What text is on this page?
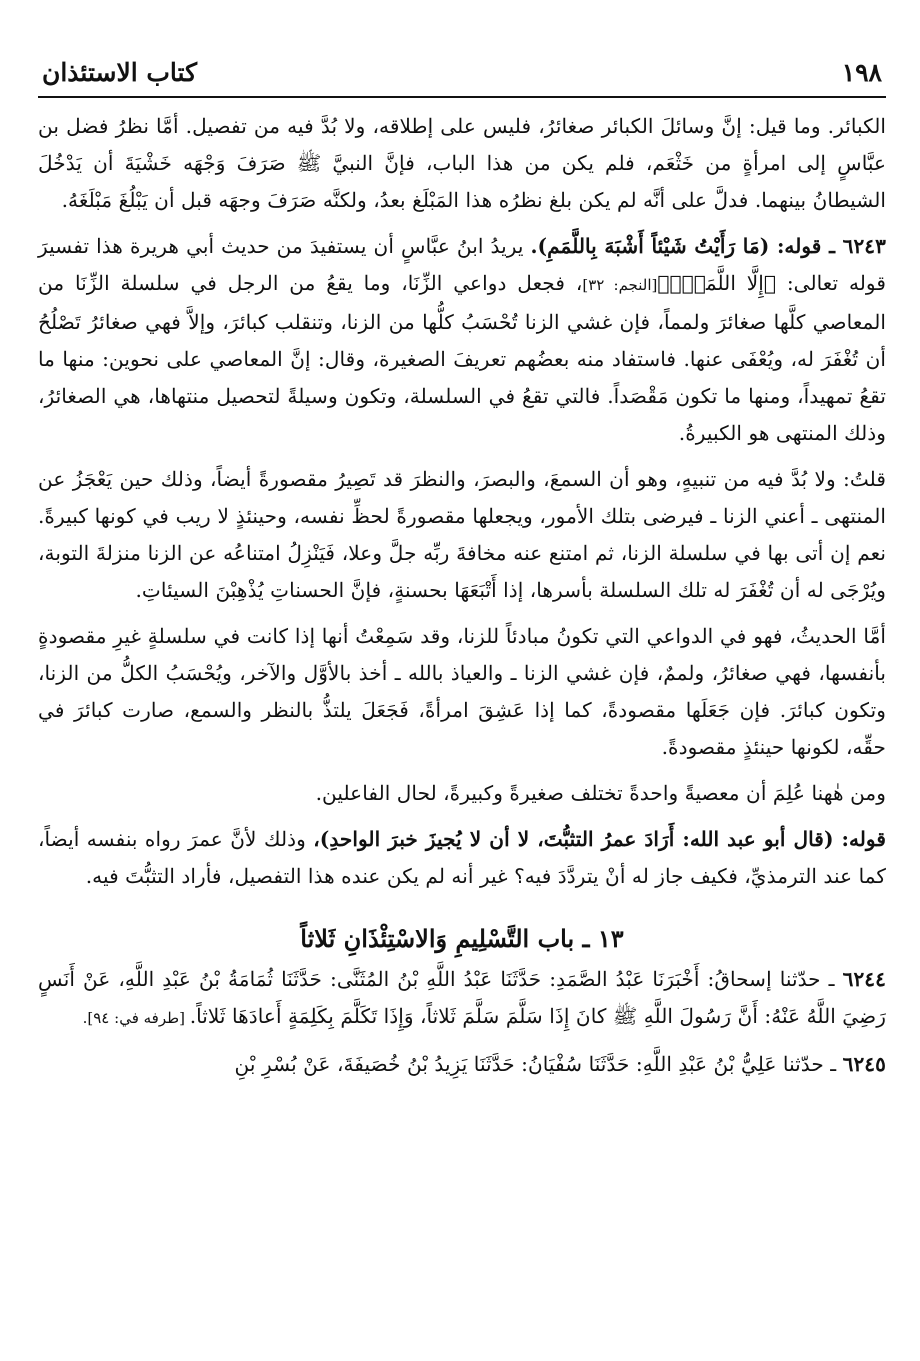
١٩٨
كتاب الاستئذان

الكبائر. وما قيل: إنَّ وسائلَ الكبائر صغائرُ، فليس على إطلاقه، ولا بُدَّ فيه من تفصيل. أمَّا نظرُ فضل بن عبَّاسٍ إلى امرأةٍ من خَثْعَم، فلم يكن من هذا الباب، فإنَّ النبيَّ ﷺ صَرَفَ وَجْهَه خَشْيَةَ أن يَدْخُلَ الشيطانُ بينهما. فدلَّ على أنَّه لم يكن بلغ نظرُه هذا المَبْلَغ بعدُ، ولكنَّه صَرَفَ وجهَه قبل أن يَبْلُغَ مَبْلَغَهُ.

٦٢٤٣ ـ قوله: (مَا رَأَيْتُ شَيْئاً أَشْبَهَ بِاللَّمَمِ). يريدُ ابنُ عبَّاسٍ أن يستفيدَ من حديث أبي هريرة هذا تفسيرَ قوله تعالى: ﴿إِلَّا اللَّمَمَۚ﴾[النجم: ٣٢]، فجعل دواعي الزِّنَا، وما يقعُ من الرجل في سلسلة الزِّنَا من المعاصي كلَّها صغائرَ ولمماً، فإن غشي الزنا تُحْسَبُ كلُّها من الزنا، وتنقلب كبائرَ، وإلاَّ فهي صغائرُ تَصْلُحُ أن تُغْفَرَ له، ويُعْفَى عنها. فاستفاد منه بعضُهم تعريفَ الصغيرة، وقال: إنَّ المعاصي على نحوين: منها ما تقعُ تمهيداً، ومنها ما تكون مَقْصَداً. فالتي تقعُ في السلسلة، وتكون وسيلةً لتحصيل منتهاها، هي الصغائرُ، وذلك المنتهى هو الكبيرةُ.

قلتُ: ولا بُدَّ فيه من تنبيهٍ، وهو أن السمعَ، والبصرَ، والنظرَ قد تَصِيرُ مقصورةً أيضاً، وذلك حين يَعْجَزُ عن المنتهى ـ أعني الزنا ـ فيرضى بتلك الأمور، ويجعلها مقصورةً لحظِّ نفسه، وحينئذٍ لا ريب في كونها كبيرةً. نعم إن أتى بها في سلسلة الزنا، ثم امتنع عنه مخافةَ ربِّه جلَّ وعلا، فَيَنْزِلُ امتناعُه عن الزنا منزلةَ التوبة، ويُرْجَى له أن تُغْفَرَ له تلك السلسلة بأسرها، إذا أَتْبَعَهَا بحسنةٍ، فإنَّ الحسناتِ يُذْهِبْنَ السيئاتِ.

أمَّا الحديثُ، فهو في الدواعي التي تكونُ مبادئاً للزنا، وقد سَمِعْتُ أنها إذا كانت في سلسلةٍ غيرِ مقصودةٍ بأنفسها، فهي صغائرُ، ولممٌ، فإن غشي الزنا ـ والعياذ بالله ـ أخذ بالأوَّل والآخر، ويُحْسَبُ الكلُّ من الزنا، وتكون كبائرَ. فإن جَعَلَها مقصودةً، كما إذا عَشِقَ امرأةً، فَجَعَلَ يلتذُّ بالنظر والسمع، صارت كبائرَ في حقِّه، لكونها حينئذٍ مقصودةً.

ومن هٰهنا عُلِمَ أن معصيةً واحدةً تختلف صغيرةً وكبيرةً، لحال الفاعلين.

قوله: (قال أبو عبد الله: أَرَادَ عمرُ التثبُّتَ، لا أن لا يُجيزَ خبرَ الواحدِ)، وذلك لأنَّ عمرَ رواه بنفسه أيضاً، كما عند الترمذيِّ، فكيف جاز له أنْ يتردَّدَ فيه؟ غير أنه لم يكن عنده هذا التفصيل، فأراد التثبُّتَ فيه.

١٣ ـ باب التَّسْلِيمِ وَالاسْتِئْذَانِ ثَلاثاً

٦٢٤٤ ـ حدّثنا إسحاقُ: أَخْبَرَنَا عَبْدُ الصَّمَدِ: حَدَّثَنَا عَبْدُ اللَّهِ بْنُ المُثَنَّى: حَدَّثَنَا ثُمَامَةُ بْنُ عَبْدِ اللَّهِ، عَنْ أَنَسٍ رَضِيَ اللَّهُ عَنْهُ: أَنَّ رَسُولَ اللَّهِ ﷺ كانَ إِذَا سَلَّمَ سَلَّمَ ثَلاثاً، وَإِذَا تَكَلَّمَ بِكَلِمَةٍ أَعادَهَا ثَلاثاً. [طرفه في: ٩٤].

٦٢٤٥ ـ حدّثنا عَلِيُّ بْنُ عَبْدِ اللَّهِ: حَدَّثَنَا سُفْيَانُ: حَدَّثَنَا يَزِيدُ بْنُ خُصَيفَةَ، عَنْ بُسْرِ بْنِ
